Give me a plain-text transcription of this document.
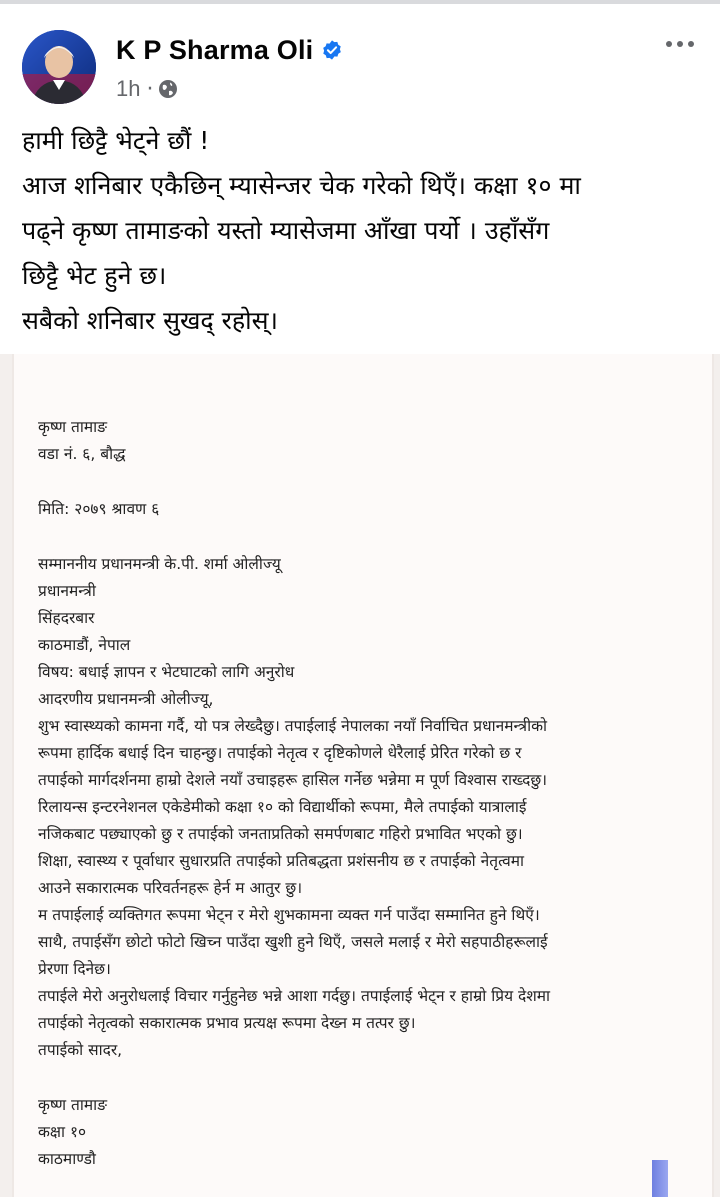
K P Sharma Oli
1h ·
हामी छिट्टै भेट्ने छौं !
आज शनिबार एकैछिन् म्यासेन्जर चेक गरेको थिएँ। कक्षा १० मा
पढ्ने कृष्ण तामाङको यस्तो म्यासेजमा आँखा पर्यो । उहाँसँग
छिट्टै भेट हुने छ।
सबैको शनिबार सुखद् रहोस्।
कृष्ण तामाङ
वडा नं. ६, बौद्ध
मिति: २०७९ श्रावण ६
सम्माननीय प्रधानमन्त्री के.पी. शर्मा ओलीज्यू
प्रधानमन्त्री
सिंहदरबार
काठमाडौं, नेपाल
विषय: बधाई ज्ञापन र भेटघाटको लागि अनुरोध
आदरणीय प्रधानमन्त्री ओलीज्यू,
शुभ स्वास्थ्यको कामना गर्दै, यो पत्र लेख्दैछु। तपाईलाई नेपालका नयाँ निर्वाचित प्रधानमन्त्रीको
रूपमा हार्दिक बधाई दिन चाहन्छु। तपाईको नेतृत्व र दृष्टिकोणले धेरैलाई प्रेरित गरेको छ र
तपाईको मार्गदर्शनमा हाम्रो देशले नयाँ उचाइहरू हासिल गर्नेछ भन्नेमा म पूर्ण विश्वास राख्दछु।
रिलायन्स इन्टरनेशनल एकेडेमीको कक्षा १० को विद्यार्थीको रूपमा, मैले तपाईको यात्रालाई
नजिकबाट पछ्याएको छु र तपाईको जनताप्रतिको समर्पणबाट गहिरो प्रभावित भएको छु।
शिक्षा, स्वास्थ्य र पूर्वाधार सुधारप्रति तपाईको प्रतिबद्धता प्रशंसनीय छ र तपाईको नेतृत्वमा
आउने सकारात्मक परिवर्तनहरू हेर्न म आतुर छु।
म तपाईलाई व्यक्तिगत रूपमा भेट्न र मेरो शुभकामना व्यक्त गर्न पाउँदा सम्मानित हुने थिएँ।
साथै, तपाईसँग छोटो फोटो खिच्न पाउँदा खुशी हुने थिएँ, जसले मलाई र मेरो सहपाठीहरूलाई
प्रेरणा दिनेछ।
तपाईले मेरो अनुरोधलाई विचार गर्नुहुनेछ भन्ने आशा गर्दछु। तपाईलाई भेट्न र हाम्रो प्रिय देशमा
तपाईको नेतृत्वको सकारात्मक प्रभाव प्रत्यक्ष रूपमा देख्न म तत्पर छु।
तपाईको सादर,
कृष्ण तामाङ
कक्षा १०
काठमाण्डौ
